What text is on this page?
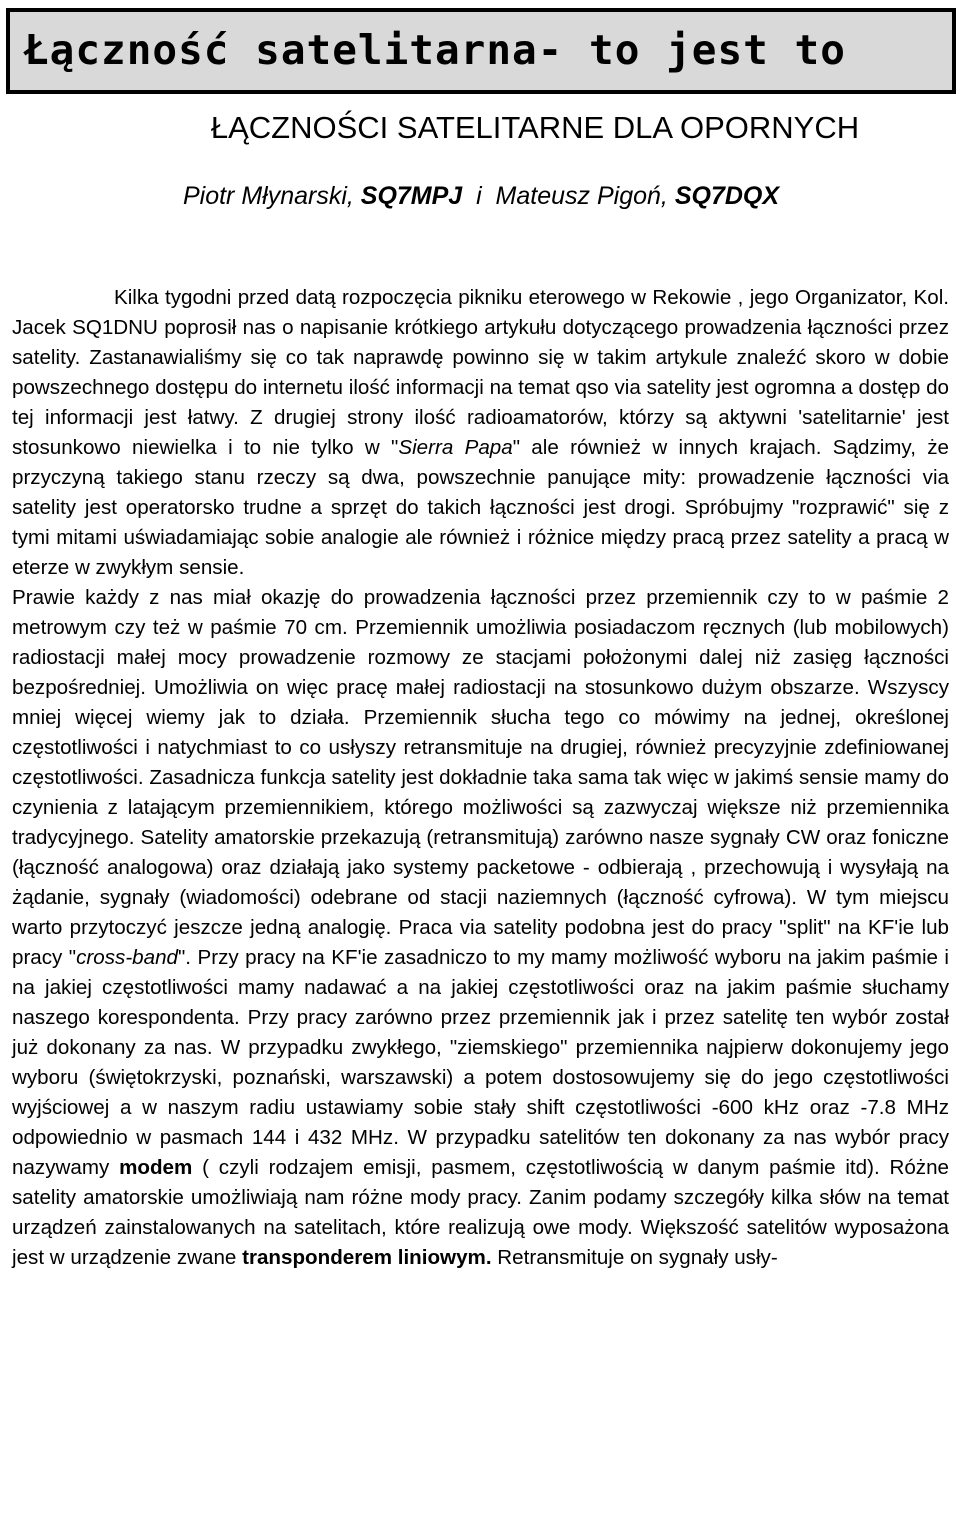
Łączność satelitarna- to jest to
ŁĄCZNOŚCI SATELITARNE DLA OPORNYCH
Piotr Młynarski, SQ7MPJ  i  Mateusz Pigoń, SQ7DQX

Kilka tygodni przed datą rozpoczęcia pikniku eterowego w Rekowie , jego Organizator, Kol. Jacek SQ1DNU poprosił nas o napisanie krótkiego artykułu dotyczącego prowadzenia łączności przez satelity. Zastanawialiśmy się co tak naprawdę powinno się w takim artykule znaleźć skoro w dobie powszechnego dostępu do internetu ilość informacji na temat qso via satelity jest ogromna a dostęp do tej informacji jest łatwy. Z drugiej strony ilość radioamatorów, którzy są aktywni 'satelitarnie' jest stosunkowo niewielka i to nie tylko w "Sierra Papa" ale również w innych krajach. Sądzimy, że przyczyną takiego stanu rzeczy są dwa, powszechnie panujące mity: prowadzenie łączności via satelity jest operatorsko trudne a sprzęt do takich łączności jest drogi. Spróbujmy "rozprawić" się z tymi mitami uświadamiając sobie analogie ale również i różnice między pracą przez satelity a pracą w eterze w zwykłym sensie.

Prawie każdy z nas miał okazję do prowadzenia łączności przez przemiennik czy to w paśmie 2 metrowym czy też w paśmie 70 cm. Przemiennik umożliwia posiadaczom ręcznych (lub mobilowych) radiostacji małej mocy prowadzenie rozmowy ze stacjami położonymi dalej niż zasięg łączności bezpośredniej. Umożliwia on więc pracę małej radiostacji na stosunkowo dużym obszarze. Wszyscy mniej więcej wiemy jak to działa. Przemiennik słucha tego co mówimy na jednej, określonej częstotliwości i natychmiast to co usłyszy retransmituje na drugiej, również precyzyjnie zdefiniowanej częstotliwości. Zasadnicza funkcja satelity jest dokładnie taka sama tak więc w jakimś sensie mamy do czynienia z latającym przemiennikiem, którego możliwości są zazwyczaj większe niż przemiennika tradycyjnego. Satelity amatorskie przekazują (retransmitują) zarówno nasze sygnały CW oraz foniczne (łączność analogowa) oraz działają jako systemy packetowe - odbierają , przechowują i wysyłają na żądanie, sygnały (wiadomości) odebrane od stacji naziemnych (łączność cyfrowa). W tym miejscu warto przytoczyć jeszcze jedną analogię. Praca via satelity podobna jest do pracy "split" na KF'ie lub pracy "cross-band". Przy pracy na KF'ie zasadniczo to my mamy możliwość wyboru na jakim paśmie i na jakiej częstotliwości mamy nadawać a na jakiej częstotliwości oraz na jakim paśmie słuchamy naszego korespondenta. Przy pracy zarówno przez przemiennik jak i przez satelitę ten wybór został już dokonany za nas. W przypadku zwykłego, "ziemskiego" przemiennika najpierw dokonujemy jego wyboru (świętokrzyski, poznański, warszawski) a potem dostosowujemy się do jego częstotliwości wyjściowej a w naszym radiu ustawiamy sobie stały shift częstotliwości -600 kHz oraz -7.8 MHz odpowiednio w pasmach 144 i 432 MHz. W przypadku satelitów ten dokonany za nas wybór pracy nazywamy modem ( czyli rodzajem emisji, pasmem, częstotliwością w danym paśmie itd). Różne satelity amatorskie umożliwiają nam różne mody pracy. Zanim podamy szczegóły kilka słów na temat urządzeń zainstalowanych na satelitach, które realizują owe mody. Większość satelitów wyposażona jest w urządzenie zwane transponderem liniowym. Retransmituje on sygnały usły-
